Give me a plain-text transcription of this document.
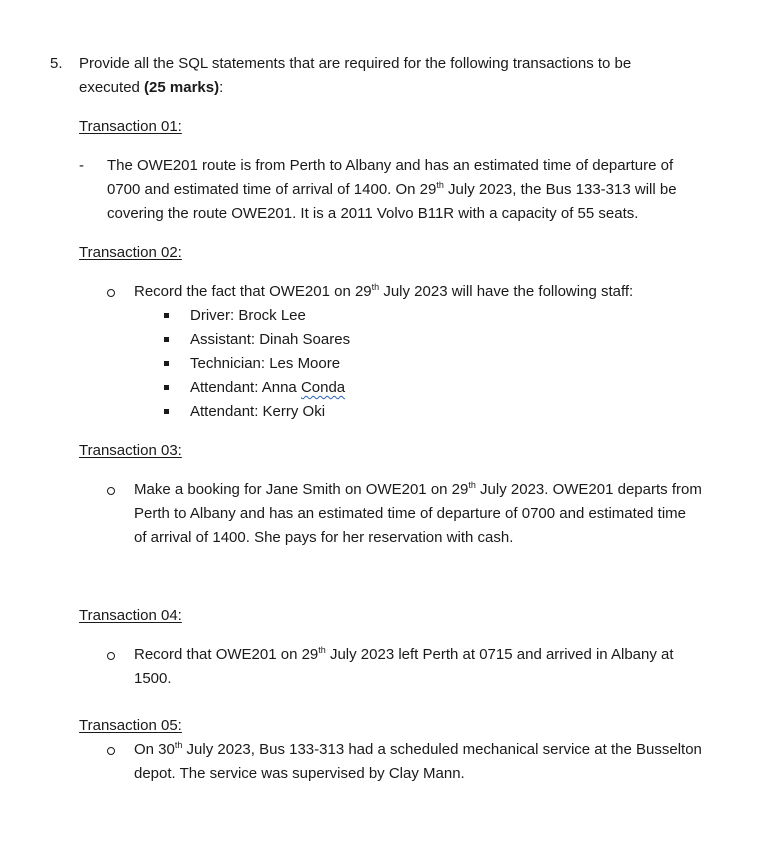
5. Provide all the SQL statements that are required for the following transactions to be
executed (25 marks):
Transaction 01:
- The OWE201 route is from Perth to Albany and has an estimated time of departure of
0700 and estimated time of arrival of 1400. On 29th July 2023, the Bus 133-313 will be
covering the route OWE201. It is a 2011 Volvo B11R with a capacity of 55 seats.
Transaction 02:
Record the fact that OWE201 on 29th July 2023 will have the following staff:
Driver: Brock Lee
Assistant: Dinah Soares
Technician: Les Moore
Attendant: Anna Conda
Attendant: Kerry Oki
Transaction 03:
Make a booking for Jane Smith on OWE201 on 29th July 2023. OWE201 departs from
Perth to Albany and has an estimated time of departure of 0700 and estimated time
of arrival of 1400. She pays for her reservation with cash.
Transaction 04:
Record that OWE201 on 29th July 2023 left Perth at 0715 and arrived in Albany at
1500.
Transaction 05:
On 30th July 2023, Bus 133-313 had a scheduled mechanical service at the Busselton
depot. The service was supervised by Clay Mann.
